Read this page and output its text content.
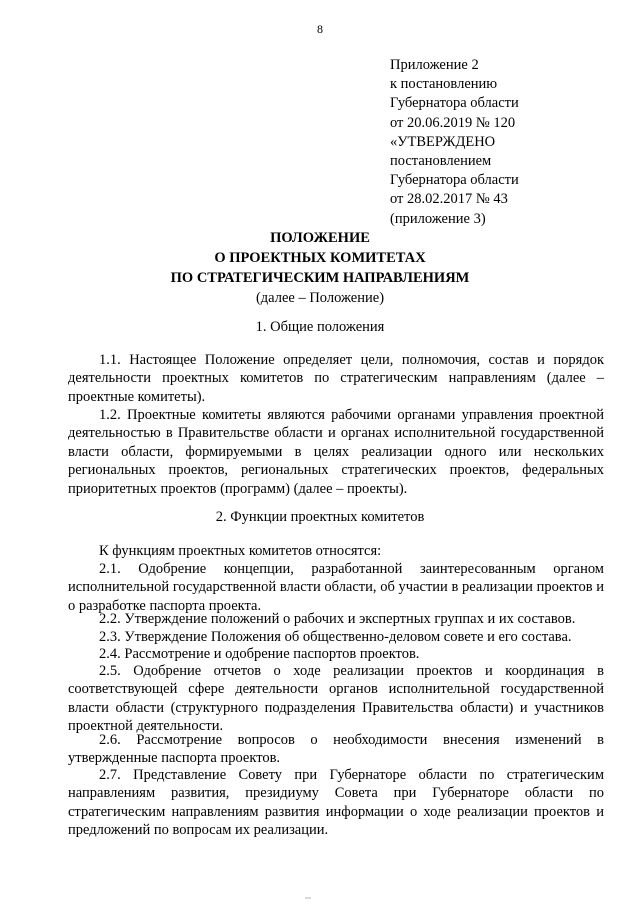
8
Приложение 2
к постановлению
Губернатора области
от 20.06.2019 № 120
«УТВЕРЖДЕНО
постановлением
Губернатора области
от 28.02.2017 № 43
(приложение 3)
ПОЛОЖЕНИЕ
О ПРОЕКТНЫХ КОМИТЕТАХ
ПО СТРАТЕГИЧЕСКИМ НАПРАВЛЕНИЯМ
(далее – Положение)
1. Общие положения
1.1. Настоящее Положение определяет цели, полномочия, состав и порядок деятельности проектных комитетов по стратегическим направлениям (далее – проектные комитеты).
1.2. Проектные комитеты являются рабочими органами управления проектной деятельностью в Правительстве области и органах исполнительной государственной власти области, формируемыми в целях реализации одного или нескольких региональных проектов, региональных стратегических проектов, федеральных приоритетных проектов (программ) (далее – проекты).
2. Функции проектных комитетов
К функциям проектных комитетов относятся:
2.1. Одобрение концепции, разработанной заинтересованным органом исполнительной государственной власти области, об участии в реализации проектов и о разработке паспорта проекта.
2.2. Утверждение положений о рабочих и экспертных группах и их составов.
2.3. Утверждение Положения об общественно-деловом совете и его состава.
2.4. Рассмотрение и одобрение паспортов проектов.
2.5. Одобрение отчетов о ходе реализации проектов и координация в соответствующей сфере деятельности органов исполнительной государственной власти области (структурного подразделения Правительства области) и участников проектной деятельности.
2.6. Рассмотрение вопросов о необходимости внесения изменений в утвержденные паспорта проектов.
2.7. Представление Совету при Губернаторе области по стратегическим направлениям развития, президиуму Совета при Губернаторе области по стратегическим направлениям развития информации о ходе реализации проектов и предложений по вопросам их реализации.
